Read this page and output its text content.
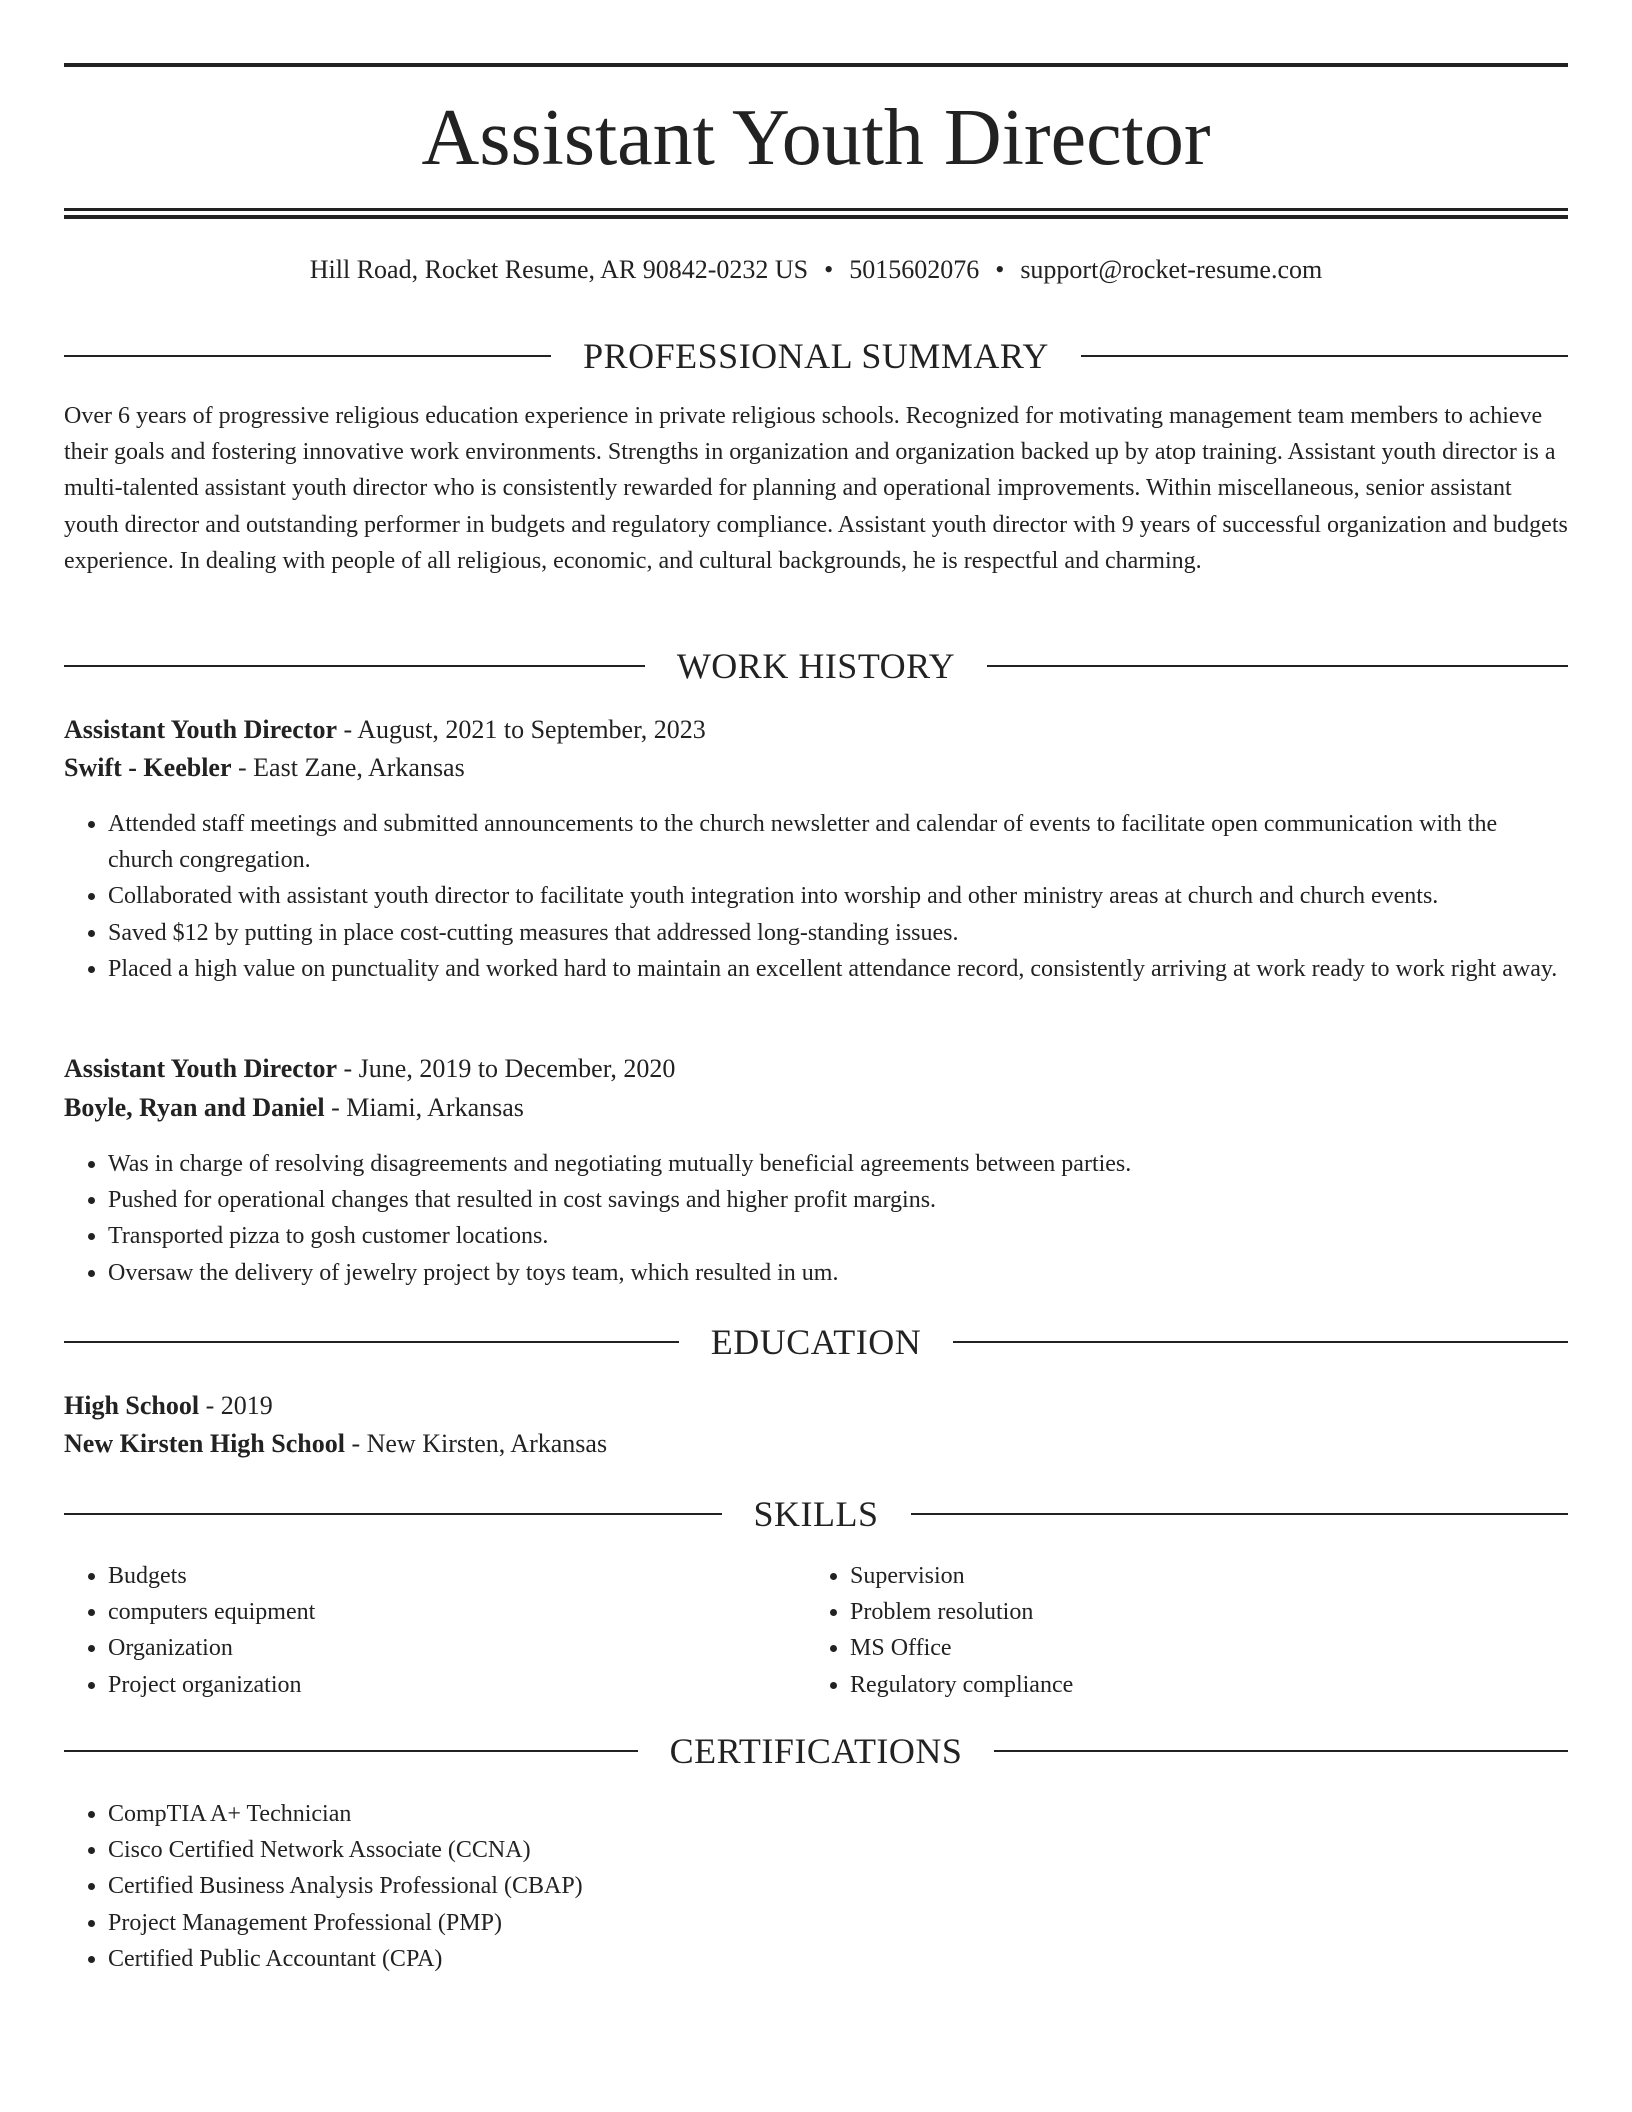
Assistant Youth Director
Hill Road, Rocket Resume, AR 90842-0232 US • 5015602076 • support@rocket-resume.com
PROFESSIONAL SUMMARY
Over 6 years of progressive religious education experience in private religious schools. Recognized for motivating management team members to achieve their goals and fostering innovative work environments. Strengths in organization and organization backed up by atop training. Assistant youth director is a multi-talented assistant youth director who is consistently rewarded for planning and operational improvements. Within miscellaneous, senior assistant youth director and outstanding performer in budgets and regulatory compliance. Assistant youth director with 9 years of successful organization and budgets experience. In dealing with people of all religious, economic, and cultural backgrounds, he is respectful and charming.
WORK HISTORY
Assistant Youth Director - August, 2021 to September, 2023
Swift - Keebler - East Zane, Arkansas
• Attended staff meetings and submitted announcements to the church newsletter and calendar of events to facilitate open communication with the church congregation.
• Collaborated with assistant youth director to facilitate youth integration into worship and other ministry areas at church and church events.
• Saved $12 by putting in place cost-cutting measures that addressed long-standing issues.
• Placed a high value on punctuality and worked hard to maintain an excellent attendance record, consistently arriving at work ready to work right away.
Assistant Youth Director - June, 2019 to December, 2020
Boyle, Ryan and Daniel - Miami, Arkansas
• Was in charge of resolving disagreements and negotiating mutually beneficial agreements between parties.
• Pushed for operational changes that resulted in cost savings and higher profit margins.
• Transported pizza to gosh customer locations.
• Oversaw the delivery of jewelry project by toys team, which resulted in um.
EDUCATION
High School - 2019
New Kirsten High School - New Kirsten, Arkansas
SKILLS
• Budgets
• computers equipment
• Organization
• Project organization
• Supervision
• Problem resolution
• MS Office
• Regulatory compliance
CERTIFICATIONS
• CompTIA A+ Technician
• Cisco Certified Network Associate (CCNA)
• Certified Business Analysis Professional (CBAP)
• Project Management Professional (PMP)
• Certified Public Accountant (CPA)
